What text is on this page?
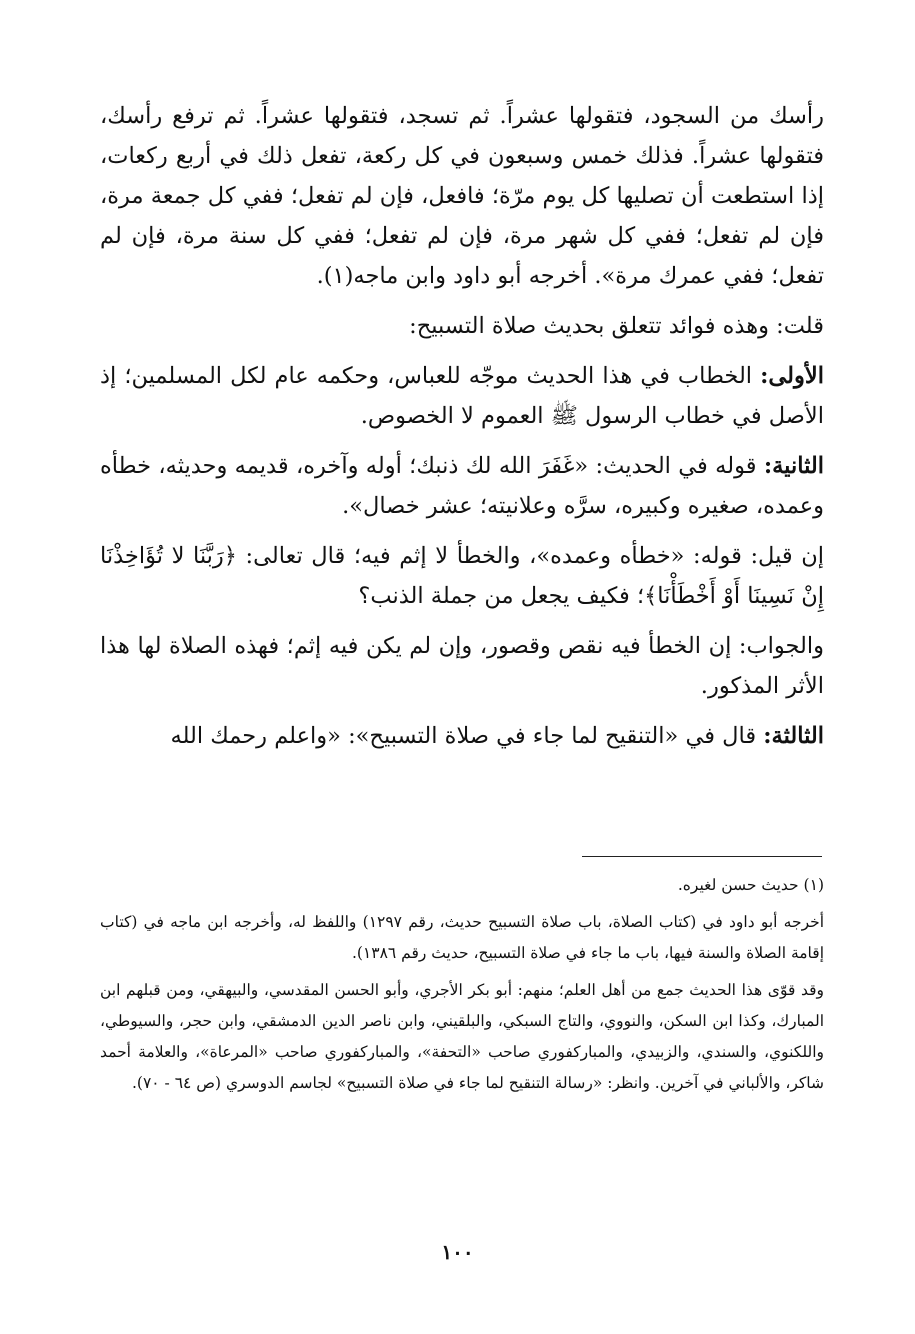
رأسك من السجود، فتقولها عشراً. ثم تسجد، فتقولها عشراً. ثم ترفع رأسك، فتقولها عشراً. فذلك خمس وسبعون في كل ركعة، تفعل ذلك في أربع ركعات، إذا استطعت أن تصليها كل يوم مرّة؛ فافعل، فإن لم تفعل؛ ففي كل جمعة مرة، فإن لم تفعل؛ ففي كل شهر مرة، فإن لم تفعل؛ ففي كل سنة مرة، فإن لم تفعل؛ ففي عمرك مرة». أخرجه أبو داود وابن ماجه(١).

قلت: وهذه فوائد تتعلق بحديث صلاة التسبيح:

الأولى: الخطاب في هذا الحديث موجّه للعباس، وحكمه عام لكل المسلمين؛ إذ الأصل في خطاب الرسول ﷺ العموم لا الخصوص.

الثانية: قوله في الحديث: «غَفَرَ الله لك ذنبك؛ أوله وآخره، قديمه وحديثه، خطأه وعمده، صغيره وكبيره، سرَّه وعلانيته؛ عشر خصال».

إن قيل: قوله: «خطأه وعمده»، والخطأ لا إثم فيه؛ قال تعالى: ﴿رَبَّنَا لا تُؤَاخِذْنَا إِنْ نَسِينَا أَوْ أَخْطَأْنَا﴾؛ فكيف يجعل من جملة الذنب؟

والجواب: إن الخطأ فيه نقص وقصور، وإن لم يكن فيه إثم؛ فهذه الصلاة لها هذا الأثر المذكور.

الثالثة: قال في «التنقيح لما جاء في صلاة التسبيح»: «واعلم رحمك الله

(١) حديث حسن لغيره.

أخرجه أبو داود في (كتاب الصلاة، باب صلاة التسبيح حديث، رقم ١٢٩٧) واللفظ له، وأخرجه ابن ماجه في (كتاب إقامة الصلاة والسنة فيها، باب ما جاء في صلاة التسبيح، حديث رقم ١٣٨٦).

وقد قوّى هذا الحديث جمع من أهل العلم؛ منهم: أبو بكر الأجري، وأبو الحسن المقدسي، والبيهقي، ومن قبلهم ابن المبارك، وكذا ابن السكن، والنووي، والتاج السبكي، والبلقيني، وابن ناصر الدين الدمشقي، وابن حجر، والسيوطي، واللكنوي، والسندي، والزبيدي، والمباركفوري صاحب «التحفة»، والمباركفوري صاحب «المرعاة»، والعلامة أحمد شاكر، والألباني في آخرين. وانظر: «رسالة التنقيح لما جاء في صلاة التسبيح» لجاسم الدوسري (ص ٦٤ - ٧٠).

١٠٠
